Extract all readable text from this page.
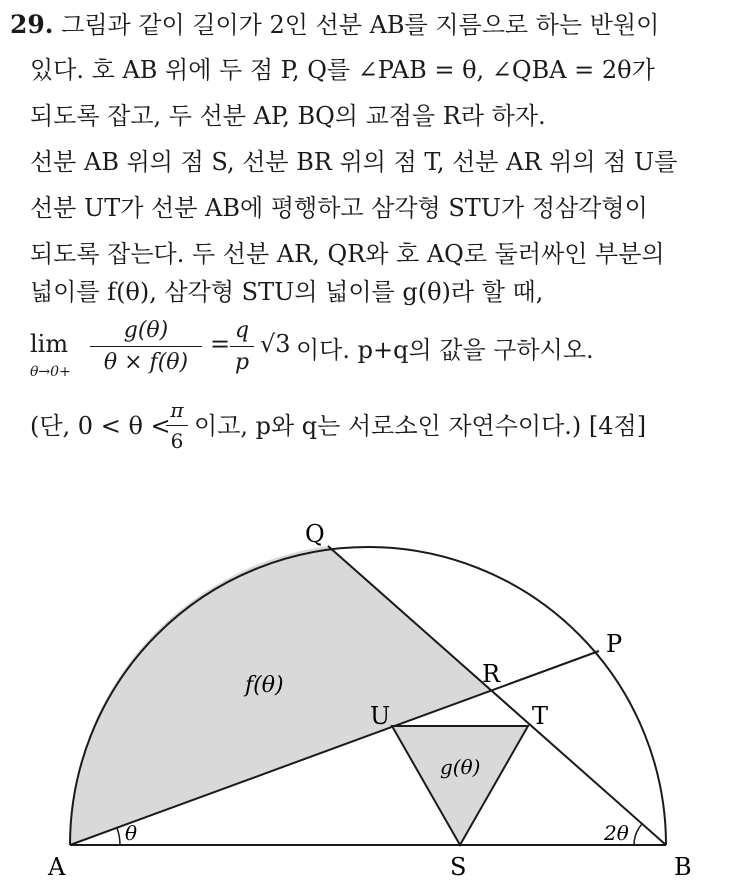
29. 그림과 같이 길이가 2인 선분 AB를 지름으로 하는 반원이
있다. 호 AB 위에 두 점 P, Q를 ∠PAB = θ, ∠QBA = 2θ가
되도록 잡고, 두 선분 AP, BQ의 교점을 R라 하자.
선분 AB 위의 점 S, 선분 BR 위의 점 T, 선분 AR 위의 점 U를
선분 UT가 선분 AB에 평행하고 삼각형 STU가 정삼각형이
되도록 잡는다. 두 선분 AR, QR와 호 AQ로 둘러싸인 부분의
넓이를 f(θ), 삼각형 STU의 넓이를 g(θ)라 할 때,
lim
θ→0+
g(θ)
θ × f(θ)
= q
p
√3 이다. p+q의 값을 구하시오.
(단, 0 < θ <
π
6
이고, p와 q는 서로소인 자연수이다.) [4점]
A	B
Q
P
R
U	T
S
θ	2θ
f(θ)
g(θ)
